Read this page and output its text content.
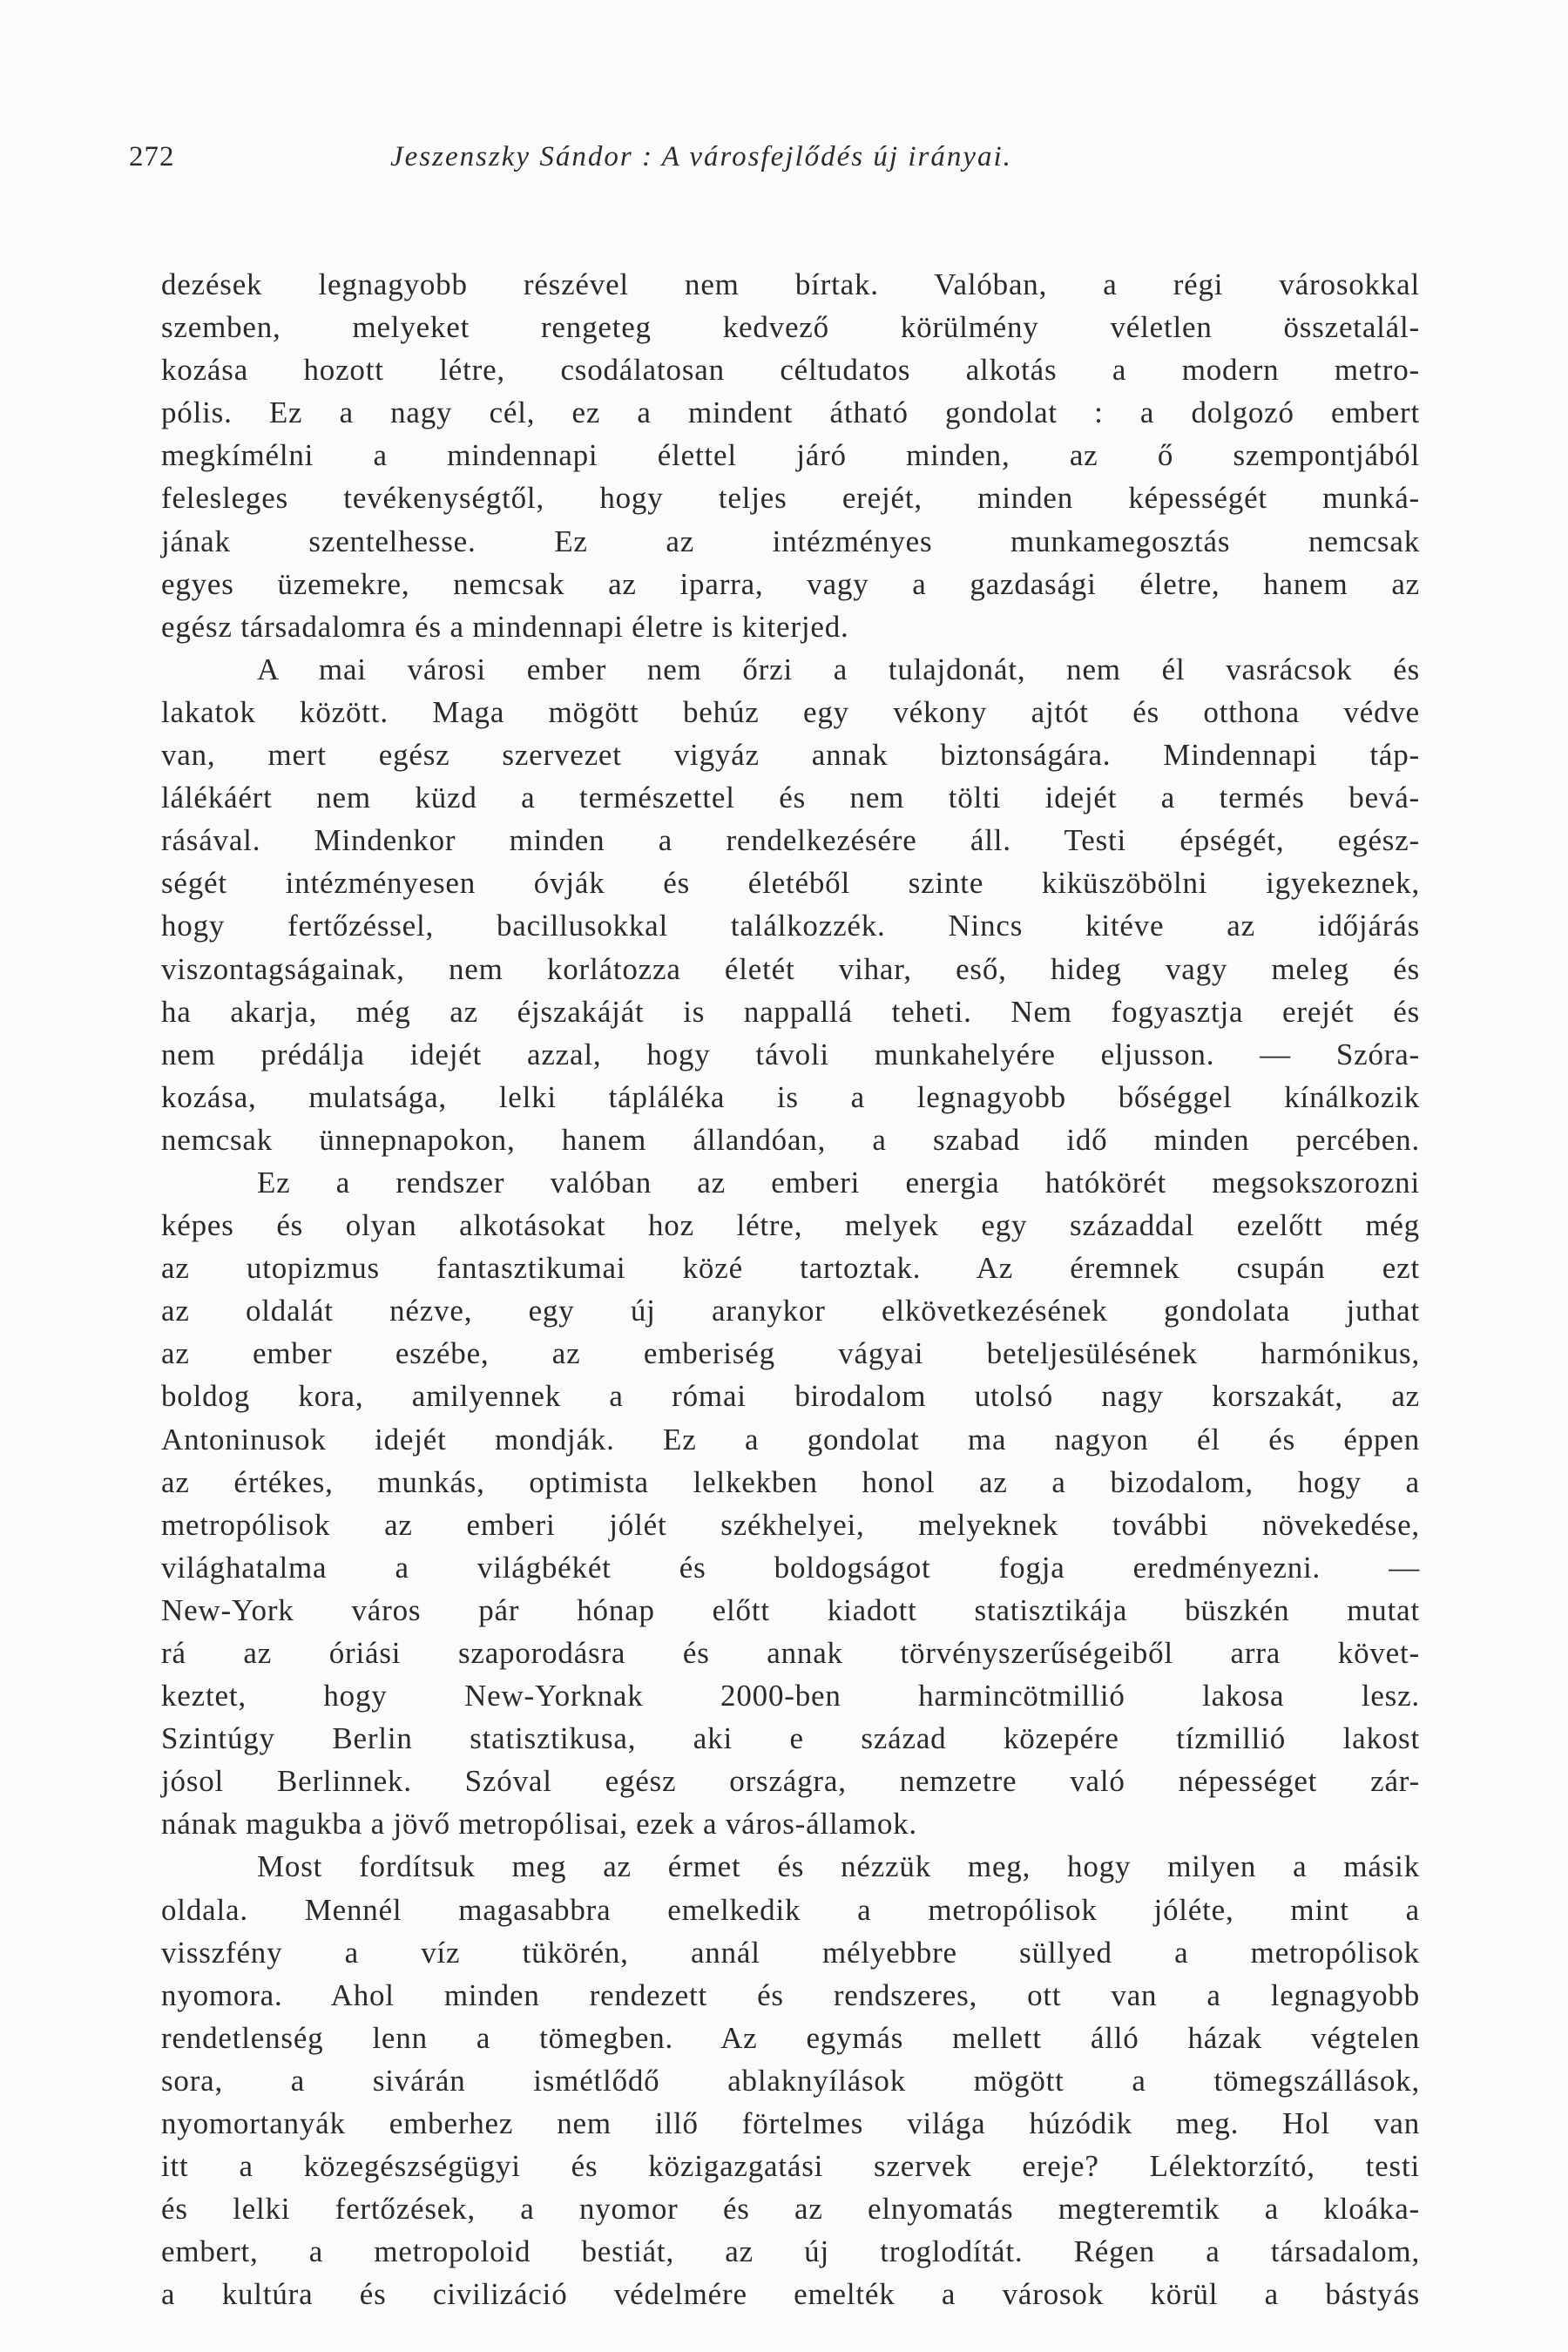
272	Jeszenszky Sándor : A városfejlődés új irányai.
dezések legnagyobb részével nem bírtak. Valóban, a régi városokkal
szemben, melyeket rengeteg kedvező körülmény véletlen összetalál-
kozása hozott létre, csodálatosan céltudatos alkotás a modern metro-
pólis. Ez a nagy cél, ez a mindent átható gondolat : a dolgozó embert
megkímélni a mindennapi élettel járó minden, az ő szempontjából
felesleges tevékenységtől, hogy teljes erejét, minden képességét munká-
jának szentelhesse. Ez az intézményes munkamegosztás nemcsak
egyes üzemekre, nemcsak az iparra, vagy a gazdasági életre, hanem az
egész társadalomra és a mindennapi életre is kiterjed.
A mai városi ember nem őrzi a tulajdonát, nem él vasrácsok és
lakatok között. Maga mögött behúz egy vékony ajtót és otthona védve
van, mert egész szervezet vigyáz annak biztonságára. Mindennapi táp-
lálékáért nem küzd a természettel és nem tölti idejét a termés bevá-
rásával. Mindenkor minden a rendelkezésére áll. Testi épségét, egész-
ségét intézményesen óvják és életéből szinte kiküszöbölni igyekeznek,
hogy fertőzéssel, bacillusokkal találkozzék. Nincs kitéve az időjárás
viszontagságainak, nem korlátozza életét vihar, eső, hideg vagy meleg és
ha akarja, még az éjszakáját is nappallá teheti. Nem fogyasztja erejét és
nem prédálja idejét azzal, hogy távoli munkahelyére eljusson. — Szóra-
kozása, mulatsága, lelki tápláléka is a legnagyobb bőséggel kínálkozik
nemcsak ünnepnapokon, hanem állandóan, a szabad idő minden percében.
Ez a rendszer valóban az emberi energia hatókörét megsokszorozni
képes és olyan alkotásokat hoz létre, melyek egy századdal ezelőtt még
az utopizmus fantasztikumai közé tartoztak. Az éremnek csupán ezt
az oldalát nézve, egy új aranykor elkövetkezésének gondolata juthat
az ember eszébe, az emberiség vágyai beteljesülésének harmónikus,
boldog kora, amilyennek a római birodalom utolsó nagy korszakát, az
Antoninusok idejét mondják. Ez a gondolat ma nagyon él és éppen
az értékes, munkás, optimista lelkekben honol az a bizodalom, hogy a
metropólisok az emberi jólét székhelyei, melyeknek további növekedése,
világhatalma a világbékét és boldogságot fogja eredményezni. —
New-York város pár hónap előtt kiadott statisztikája büszkén mutat
rá az óriási szaporodásra és annak törvényszerűségeiből arra követ-
keztet, hogy New-Yorknak 2000-ben harmincötmillió lakosa lesz.
Szintúgy Berlin statisztikusa, aki e század közepére tízmillió lakost
jósol Berlinnek. Szóval egész országra, nemzetre való népességet zár-
nának magukba a jövő metropólisai, ezek a város-államok.
Most fordítsuk meg az érmet és nézzük meg, hogy milyen a másik
oldala. Mennél magasabbra emelkedik a metropólisok jóléte, mint a
visszfény a víz tükörén, annál mélyebbre süllyed a metropólisok
nyomora. Ahol minden rendezett és rendszeres, ott van a legnagyobb
rendetlenség lenn a tömegben. Az egymás mellett álló házak végtelen
sora, a sivárán ismétlődő ablaknyílások mögött a tömegszállások,
nyomortanyák emberhez nem illő förtelmes világa húzódik meg. Hol van
itt a közegészségügyi és közigazgatási szervek ereje? Lélektorzító, testi
és lelki fertőzések, a nyomor és az elnyomatás megteremtik a kloáka-
embert, a metropoloid bestiát, az új troglodítát. Régen a társadalom,
a kultúra és civilizáció védelmére emelték a városok körül a bástyás
